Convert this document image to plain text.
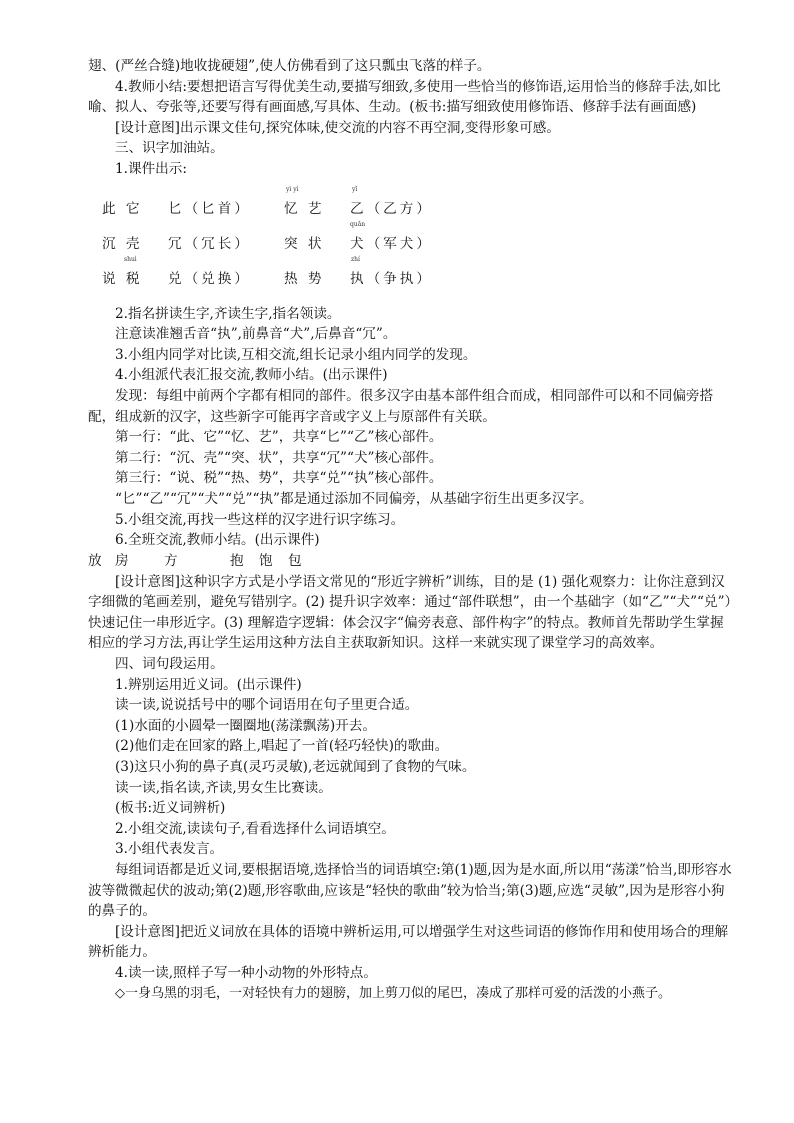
翅、(严丝合缝)地收拢硬翅”,使人仿佛看到了这只瓢虫飞落的样子。

4.教师小结:要想把语言写得优美生动,要描写细致,多使用一些恰当的修饰语,运用恰当的修辞手法,如比喻、拟人、夸张等,还要写得有画面感,写具体、生动。(板书:描写细致使用修饰语、修辞手法有画面感)

[设计意图]出示课文佳句,探究体味,使交流的内容不再空洞,变得形象可感。

三、识字加油站。

1.课件出示:

此 它 匕（匕首）
yì yì
忆 艺
yǐ
乙（乙方）
沉 壳 冗（冗长） 突 状
quǎn
犬（军犬）
shuì
说 税 兑（兑换） 热 势
zhí
执（争执）

2.指名拼读生字,齐读生字,指名领读。

注意读准翘舌音“执”,前鼻音“犬”,后鼻音“冗”。

3.小组内同学对比读,互相交流,组长记录小组内同学的发现。

4.小组派代表汇报交流,教师小结。(出示课件)

发现：每组中前两个字都有相同的部件。很多汉字由基本部件组合而成，相同部件可以和不同偏旁搭配，组成新的汉字，这些新字可能再字音或字义上与原部件有关联。

第一行：“此、它”“忆、艺”，共享“匕”“乙”核心部件。

第二行：“沉、壳”“突、状”，共享“冗”“犬”核心部件。

第三行：“说、税”“热、势”，共享“兑”“执”核心部件。

“匕”“乙”“冗”“犬”“兑”“执”都是通过添加不同偏旁，从基础字衍生出更多汉字。

5.小组交流,再找一些这样的汉字进行识字练习。

6.全班交流,教师小结。(出示课件)

放 房	方	抱 饱 包

[设计意图]这种识字方式是小学语文常见的“形近字辨析”训练，目的是 (1) 强化观察力：让你注意到汉字细微的笔画差别，避免写错别字。(2) 提升识字效率：通过“部件联想”，由一个基础字（如“乙”“犬”“兑”）快速记住一串形近字。(3) 理解造字逻辑：体会汉字“偏旁表意、部件构字”的特点。教师首先帮助学生掌握相应的学习方法,再让学生运用这种方法自主获取新知识。这样一来就实现了课堂学习的高效率。

四、词句段运用。

1.辨别运用近义词。(出示课件)

读一读,说说括号中的哪个词语用在句子里更合适。

(1)水面的小圆晕一圈圈地(荡漾飘荡)开去。

(2)他们走在回家的路上,唱起了一首(轻巧轻快)的歌曲。

(3)这只小狗的鼻子真(灵巧灵敏),老远就闻到了食物的气味。

读一读,指名读,齐读,男女生比赛读。

(板书:近义词辨析)

2.小组交流,读读句子,看看选择什么词语填空。

3.小组代表发言。

每组词语都是近义词,要根据语境,选择恰当的词语填空:第(1)题,因为是水面,所以用“荡漾”恰当,即形容水波等微微起伏的波动;第(2)题,形容歌曲,应该是“轻快的歌曲”较为恰当;第(3)题,应选“灵敏”,因为是形容小狗的鼻子的。

[设计意图]把近义词放在具体的语境中辨析运用,可以增强学生对这些词语的修饰作用和使用场合的理解辨析能力。

4.读一读,照样子写一种小动物的外形特点。

◇一身乌黑的羽毛，一对轻快有力的翅膀，加上剪刀似的尾巴，凑成了那样可爱的活泼的小燕子。
